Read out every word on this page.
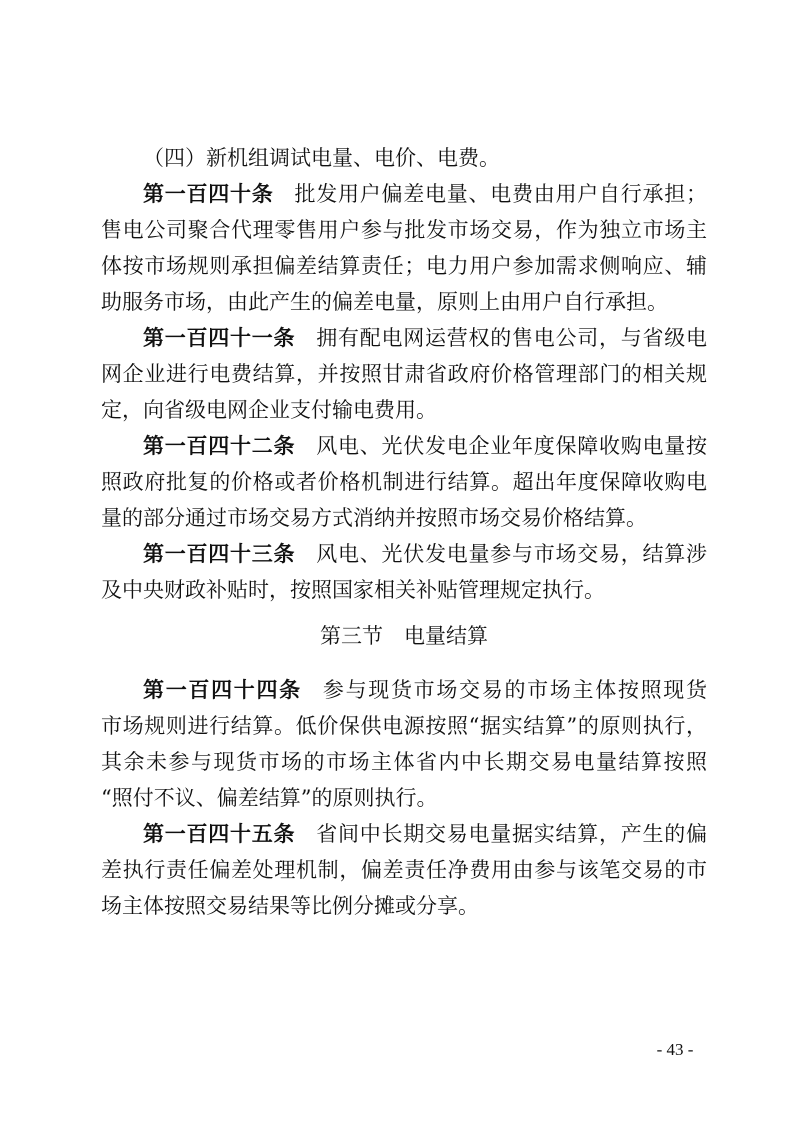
（四）新机组调试电量、电价、电费。
第一百四十条 批发用户偏差电量、电费由用户自行承担；
售电公司聚合代理零售用户参与批发市场交易，作为独立市场主
体按市场规则承担偏差结算责任；电力用户参加需求侧响应、辅
助服务市场，由此产生的偏差电量，原则上由用户自行承担。
第一百四十一条 拥有配电网运营权的售电公司，与省级电
网企业进行电费结算，并按照甘肃省政府价格管理部门的相关规
定，向省级电网企业支付输电费用。
第一百四十二条 风电、光伏发电企业年度保障收购电量按
照政府批复的价格或者价格机制进行结算。超出年度保障收购电
量的部分通过市场交易方式消纳并按照市场交易价格结算。
第一百四十三条 风电、光伏发电量参与市场交易，结算涉
及中央财政补贴时，按照国家相关补贴管理规定执行。
第三节 电量结算
第一百四十四条 参与现货市场交易的市场主体按照现货
市场规则进行结算。低价保供电源按照“据实结算”的原则执行，
其余未参与现货市场的市场主体省内中长期交易电量结算按照
“照付不议、偏差结算”的原则执行。
第一百四十五条 省间中长期交易电量据实结算，产生的偏
差执行责任偏差处理机制，偏差责任净费用由参与该笔交易的市
场主体按照交易结果等比例分摊或分享。
- 43 -
